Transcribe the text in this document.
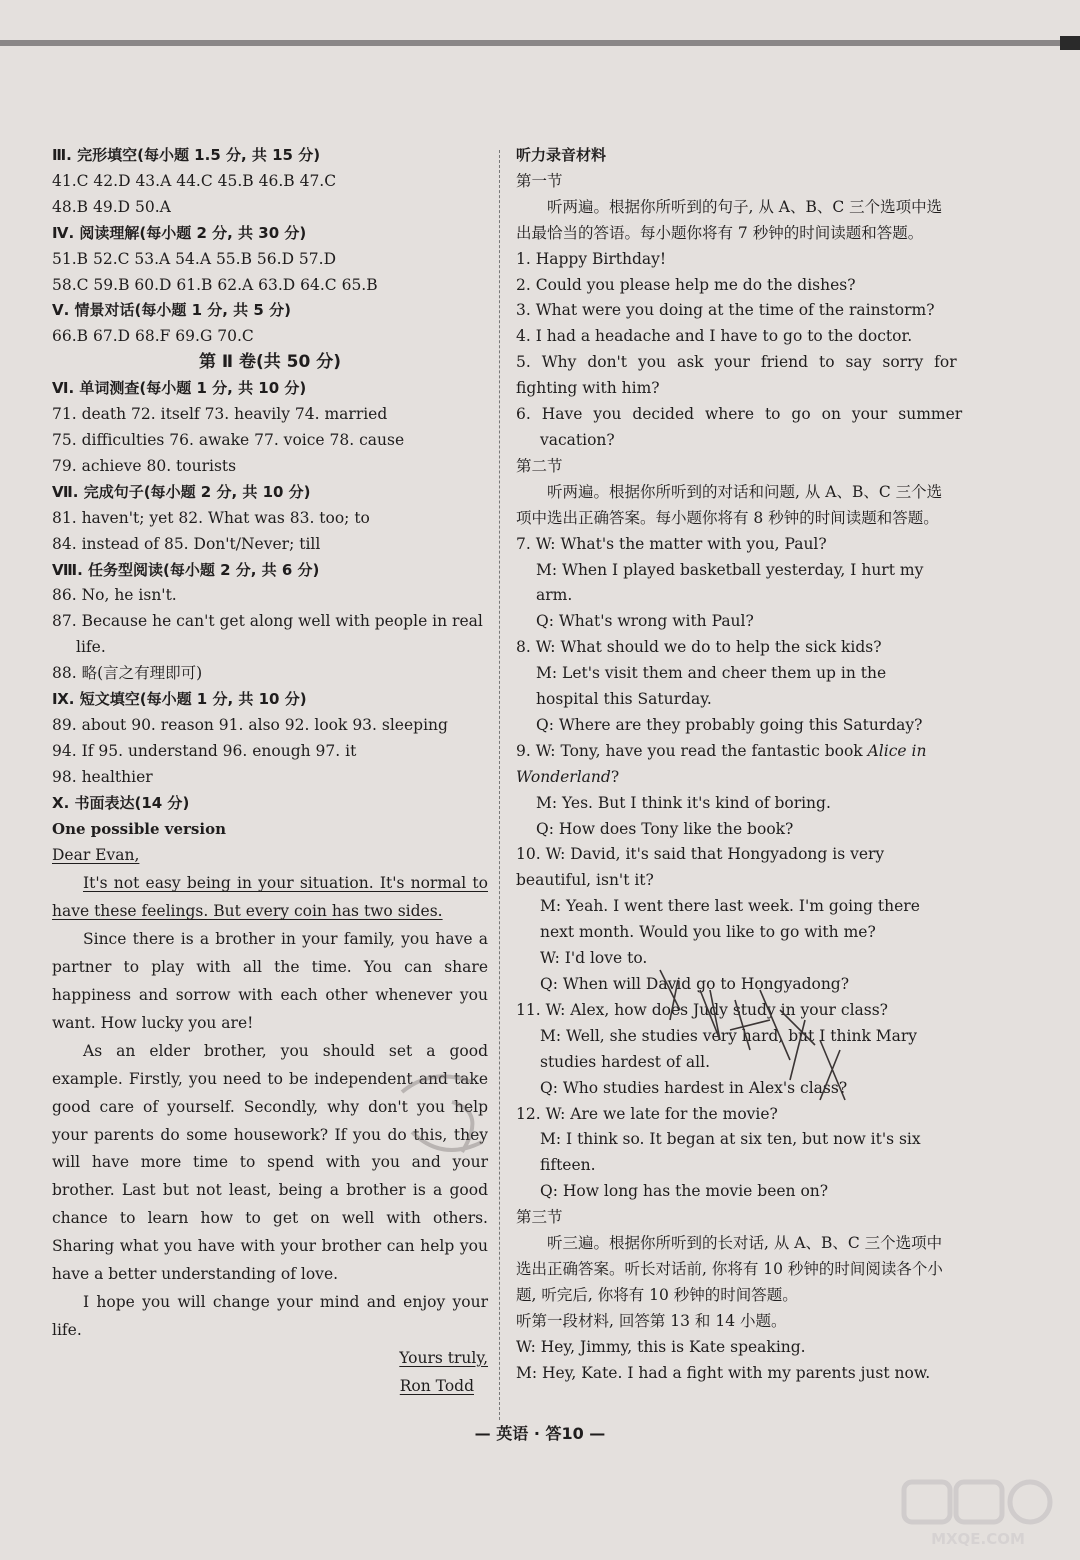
Ⅲ. 完形填空(每小题 1.5 分, 共 15 分)
41.C 42.D 43.A 44.C 45.B 46.B 47.C
48.B 49.D 50.A
Ⅳ. 阅读理解(每小题 2 分, 共 30 分)
51.B 52.C 53.A 54.A 55.B 56.D 57.D
58.C 59.B 60.D 61.B 62.A 63.D 64.C 65.B
Ⅴ. 情景对话(每小题 1 分, 共 5 分)
66.B 67.D 68.F 69.G 70.C
第 Ⅱ 卷(共 50 分)
Ⅵ. 单词测查(每小题 1 分, 共 10 分)
71. death 72. itself 73. heavily 74. married
75. difficulties 76. awake 77. voice 78. cause
79. achieve 80. tourists
Ⅶ. 完成句子(每小题 2 分, 共 10 分)
81. haven't; yet 82. What was 83. too; to
84. instead of 85. Don't/Never; till
Ⅷ. 任务型阅读(每小题 2 分, 共 6 分)
86. No, he isn't.
87. Because he can't get along well with people in real
life.
88. 略(言之有理即可)
Ⅸ. 短文填空(每小题 1 分, 共 10 分)
89. about 90. reason 91. also 92. look 93. sleeping
94. If 95. understand 96. enough 97. it
98. healthier
Ⅹ. 书面表达(14 分)
One possible version
Dear Evan,

It's not easy being in your situation. It's normal to have these feelings. But every coin has two sides.

Since there is a brother in your family, you have a partner to play with all the time. You can share happiness and sorrow with each other whenever you want. How lucky you are!

As an elder brother, you should set a good example. Firstly, you need to be independent and take good care of yourself. Secondly, why don't you help your parents do some housework? If you do this, they will have more time to spend with you and your brother. Last but not least, being a brother is a good chance to learn how to get on well with others. Sharing what you have with your brother can help you have a better understanding of love.

I hope you will change your mind and enjoy your life.

Yours truly,
Ron Todd
听力录音材料
第一节
听两遍。根据你所听到的句子, 从 A、B、C 三个选项中选出最恰当的答语。每小题你将有 7 秒钟的时间读题和答题。
1. Happy Birthday!
2. Could you please help me do the dishes?
3. What were you doing at the time of the rainstorm?
4. I had a headache and I have to go to the doctor.
5. Why don't you ask your friend to say sorry for
fighting with him?
6. Have you decided where to go on your summer
vacation?
第二节
听两遍。根据你所听到的对话和问题, 从 A、B、C 三个选项中选出正确答案。每小题你将有 8 秒钟的时间读题和答题。
7. W: What's the matter with you, Paul?
M: When I played basketball yesterday, I hurt my arm.
Q: What's wrong with Paul?
8. W: What should we do to help the sick kids?
M: Let's visit them and cheer them up in the hospital this Saturday.
Q: Where are they probably going this Saturday?
9. W: Tony, have you read the fantastic book Alice in Wonderland?
M: Yes. But I think it's kind of boring.
Q: How does Tony like the book?
10. W: David, it's said that Hongyadong is very beautiful, isn't it?
M: Yeah. I went there last week. I'm going there next month. Would you like to go with me?
W: I'd love to.
Q: When will David go to Hongyadong?
11. W: Alex, how does Judy study in your class?
M: Well, she studies very hard, but I think Mary studies hardest of all.
Q: Who studies hardest in Alex's class?
12. W: Are we late for the movie?
M: I think so. It began at six ten, but now it's six fifteen.
Q: How long has the movie been on?
第三节
听三遍。根据你所听到的长对话, 从 A、B、C 三个选项中选出正确答案。听长对话前, 你将有 10 秒钟的时间阅读各个小题, 听完后, 你将有 10 秒钟的时间答题。
听第一段材料, 回答第 13 和 14 小题。
W: Hey, Jimmy, this is Kate speaking.
M: Hey, Kate. I had a fight with my parents just now.
— 英语 · 答10 —
MXQE.COM
